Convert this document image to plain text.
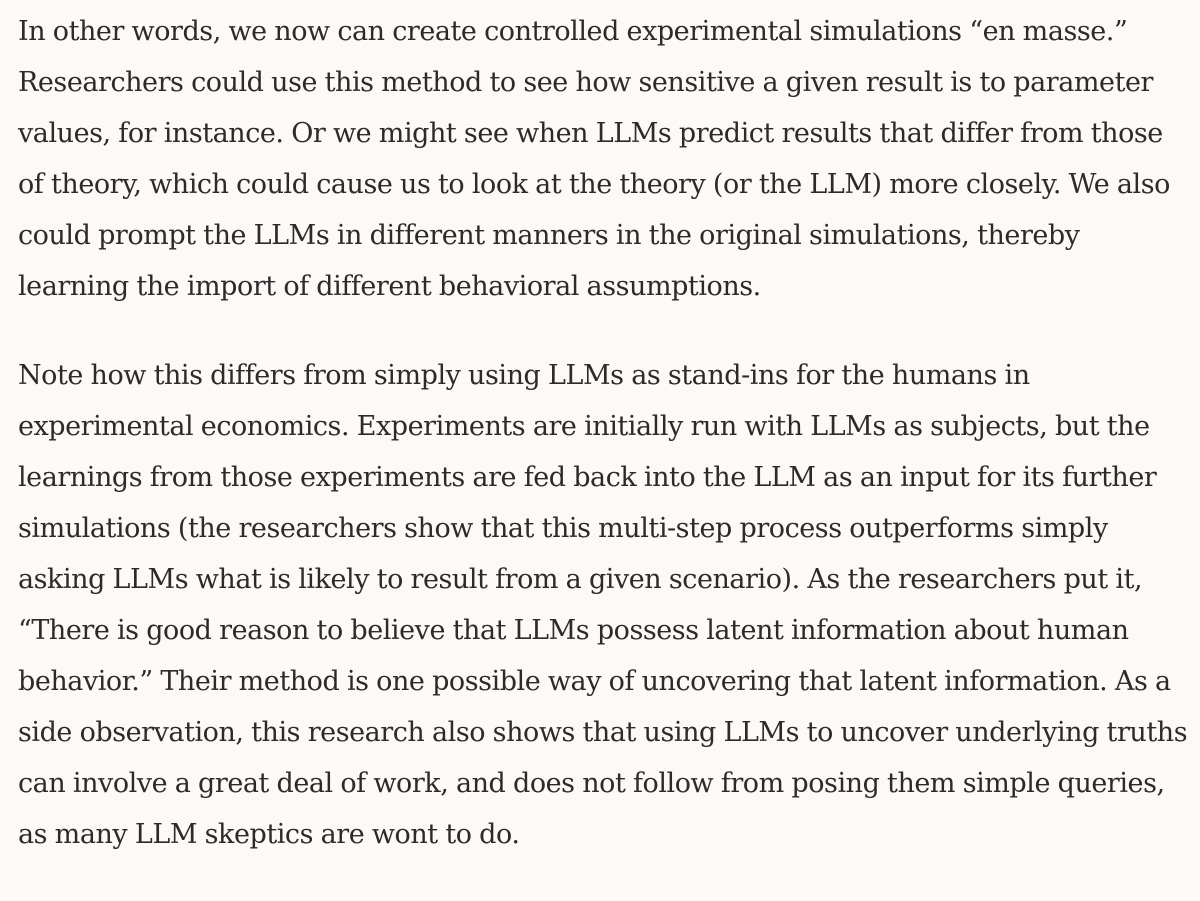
In other words, we now can create controlled experimental simulations “en masse.”
Researchers could use this method to see how sensitive a given result is to parameter
values, for instance. Or we might see when LLMs predict results that differ from those
of theory, which could cause us to look at the theory (or the LLM) more closely. We also
could prompt the LLMs in different manners in the original simulations, thereby
learning the import of different behavioral assumptions.

Note how this differs from simply using LLMs as stand-ins for the humans in
experimental economics. Experiments are initially run with LLMs as subjects, but the
learnings from those experiments are fed back into the LLM as an input for its further
simulations (the researchers show that this multi-step process outperforms simply
asking LLMs what is likely to result from a given scenario). As the researchers put it,
“There is good reason to believe that LLMs possess latent information about human
behavior.” Their method is one possible way of uncovering that latent information. As a
side observation, this research also shows that using LLMs to uncover underlying truths
can involve a great deal of work, and does not follow from posing them simple queries,
as many LLM skeptics are wont to do.
